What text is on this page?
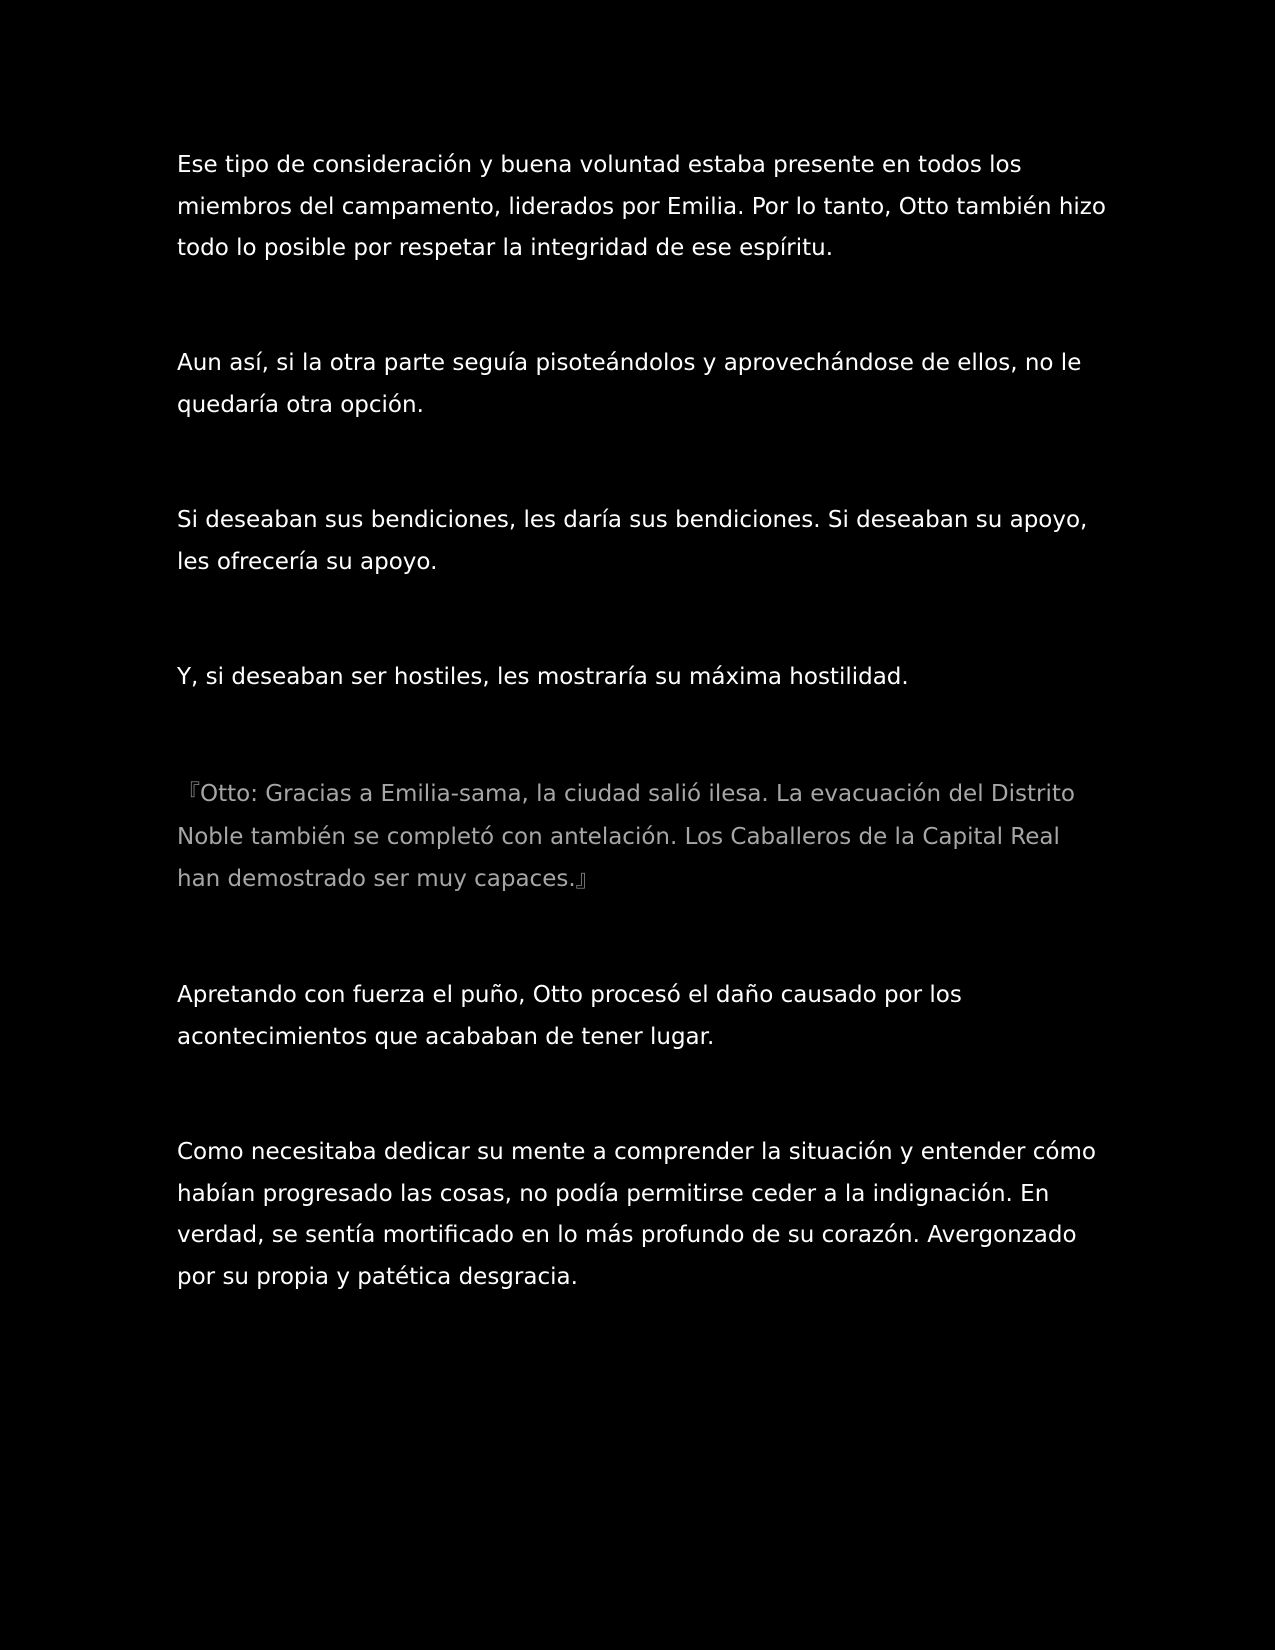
Ese tipo de consideración y buena voluntad estaba presente en todos los miembros del campamento, liderados por Emilia. Por lo tanto, Otto también hizo todo lo posible por respetar la integridad de ese espíritu.

Aun así, si la otra parte seguía pisoteándolos y aprovechándose de ellos, no le quedaría otra opción.

Si deseaban sus bendiciones, les daría sus bendiciones. Si deseaban su apoyo, les ofrecería su apoyo.

Y, si deseaban ser hostiles, les mostraría su máxima hostilidad.

『Otto: Gracias a Emilia-sama, la ciudad salió ilesa. La evacuación del Distrito Noble también se completó con antelación. Los Caballeros de la Capital Real han demostrado ser muy capaces.』

Apretando con fuerza el puño, Otto procesó el daño causado por los acontecimientos que acababan de tener lugar.

Como necesitaba dedicar su mente a comprender la situación y entender cómo habían progresado las cosas, no podía permitirse ceder a la indignación. En verdad, se sentía mortificado en lo más profundo de su corazón. Avergonzado por su propia y patética desgracia.
